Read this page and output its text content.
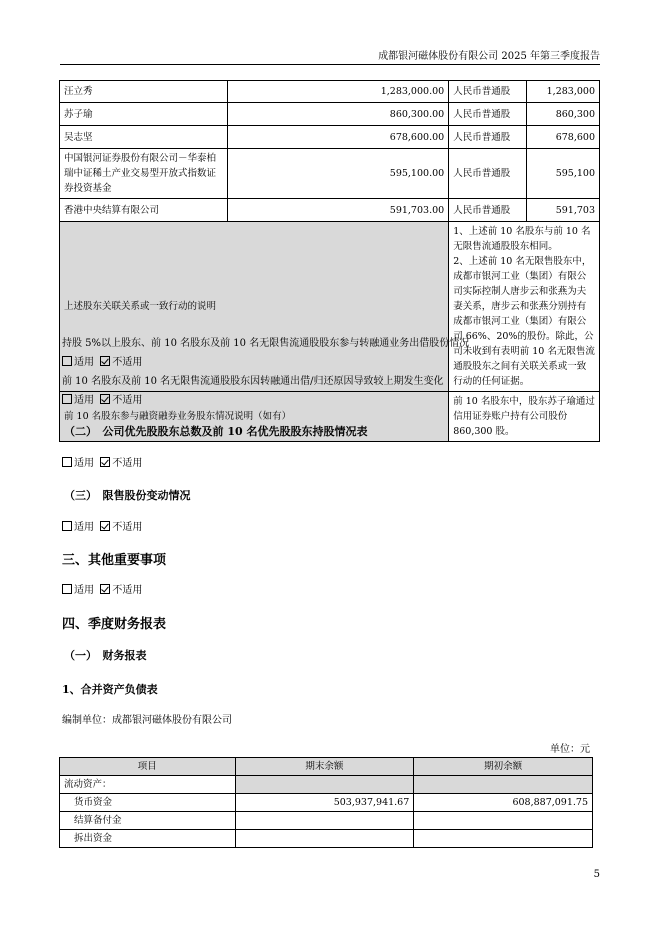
成都银河磁体股份有限公司 2025 年第三季度报告
汪立秀	1,283,000.00	人民币普通股	1,283,000
苏子瑜	860,300.00	人民币普通股	860,300
吴志坚	678,600.00	人民币普通股	678,600
中国银河证券股份有限公司－华泰柏瑞中证稀土产业交易型开放式指数证券投资基金	595,100.00	人民币普通股	595,100
香港中央结算有限公司	591,703.00	人民币普通股	591,703
上述股东关联关系或一致行动的说明		1、上述前 10 名股东与前 10 名无限售流通股股东相同。
2、上述前 10 名无限售股东中，成都市银河工业（集团）有限公司实际控制人唐步云和张燕为夫妻关系，唐步云和张燕分别持有成都市银河工业（集团）有限公司 66%、20%的股份。除此，公司未收到有表明前 10 名无限售流通股股东之间有关联关系或一致行动的任何证据。	
前 10 名股东参与融资融券业务股东情况说明（如有）		前 10 名股东中，股东苏子瑜通过信用证券账户持有公司股份 860,300 股。	
持股 5%以上股东、前 10 名股东及前 10 名无限售流通股股东参与转融通业务出借股份情况
适用 不适用
前 10 名股东及前 10 名无限售流通股股东因转融通出借/归还原因导致较上期发生变化
适用 不适用
（二）　公司优先股股东总数及前 10 名优先股股东持股情况表
适用 不适用
（三）　限售股份变动情况
适用 不适用
三、其他重要事项
适用 不适用
四、季度财务报表
（一）　财务报表
1、合并资产负债表
编制单位：成都银河磁体股份有限公司
单位：元
项目	期末余额	期初余额
流动资产：		
货币资金	503,937,941.67	608,887,091.75
结算备付金		
拆出资金		
5
